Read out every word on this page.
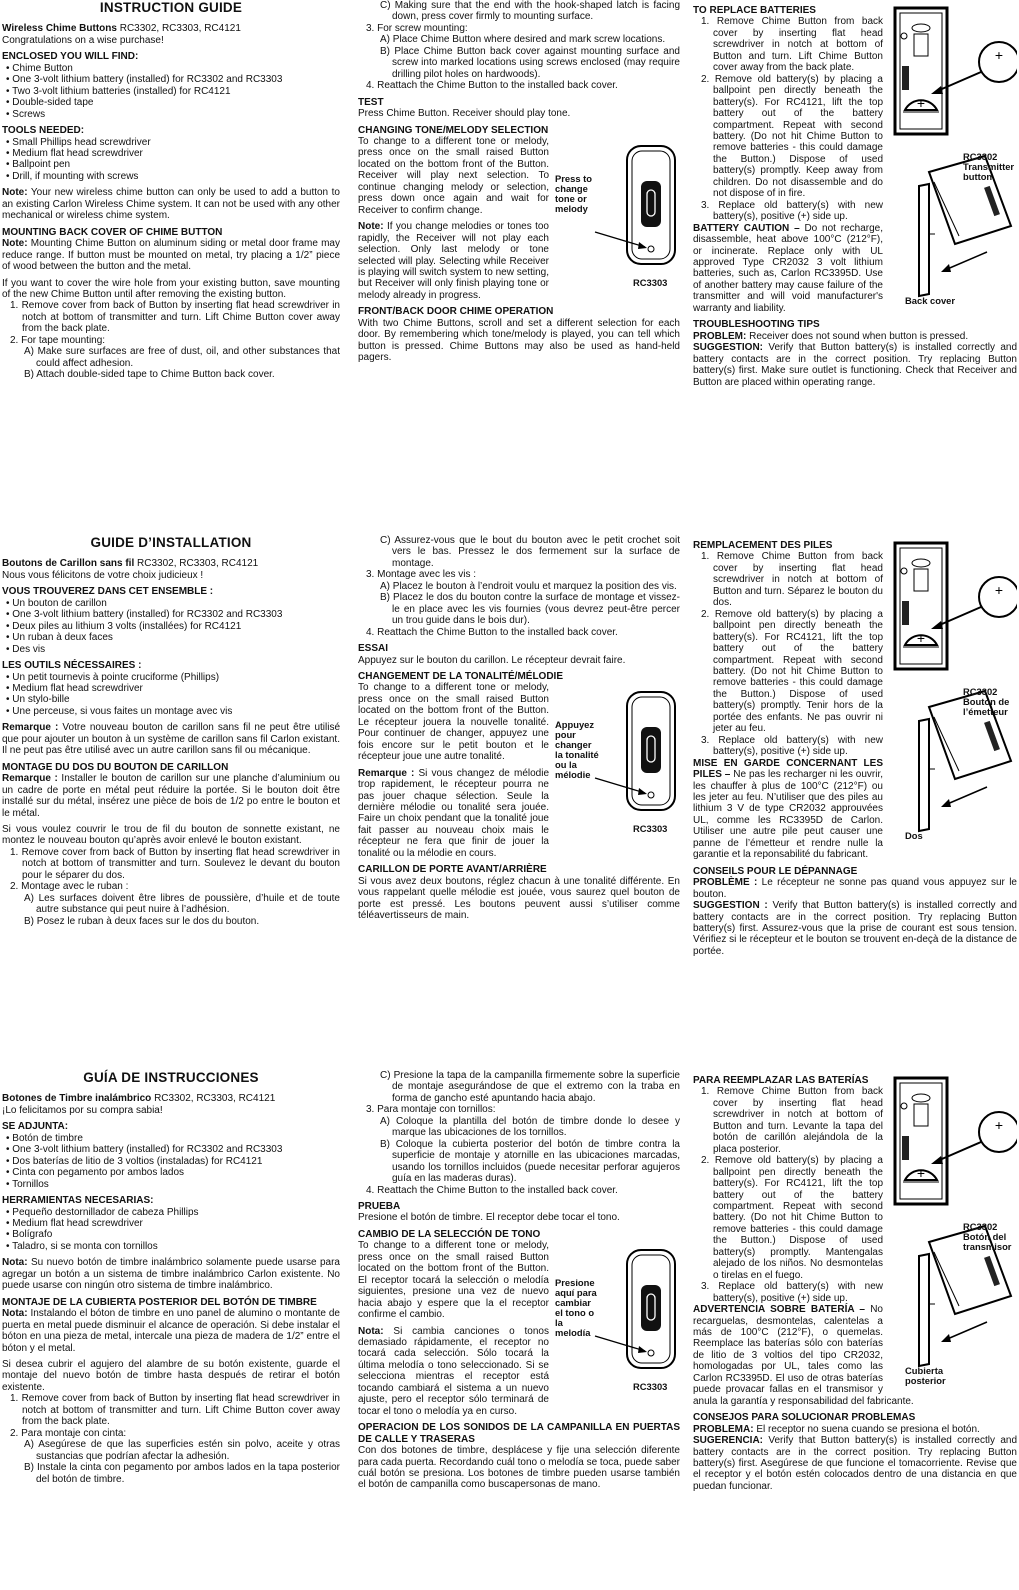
INSTRUCTION GUIDE
Wireless Chime Buttons RC3302, RC3303, RC4121
Congratulations on a wise purchase!
ENCLOSED YOU WILL FIND:
• Chime Button
• One 3-volt lithium battery (installed) for RC3302 and RC3303
• Two 3-volt lithium batteries (installed) for RC4121
• Double-sided tape
• Screws
TOOLS NEEDED:
• Small Phillips head screwdriver
• Medium flat head screwdriver
• Ballpoint pen
• Drill, if mounting with screws
Note: Your new wireless chime button can only be used to add a button to an existing Carlon Wireless Chime system. It can not be used with any other mechanical or wireless chime system.
MOUNTING BACK COVER OF CHIME BUTTON
Note: Mounting Chime Button on aluminum siding or metal door frame may reduce range. If button must be mounted on metal, try placing a 1/2” piece of wood between the button and the metal.
If you want to cover the wire hole from your existing button, save mounting of the new Chime Button until after removing the existing button.
1. Remove cover from back of Button by inserting flat head screwdriver in notch at bottom of transmitter and turn. Lift Chime Button cover away from the back plate.
2. For tape mounting:
A) Make sure surfaces are free of dust, oil, and other substances that could affect adhesion.
B) Attach double-sided tape to Chime Button back cover.
C) Making sure that the end with the hook-shaped latch is facing down, press cover firmly to mounting surface.
3. For screw mounting:
A) Place Chime Button where desired and mark screw locations.
B) Place Chime Button back cover against mounting surface and screw into marked locations using screws enclosed (may require drilling pilot holes on hardwoods).
4. Reattach the Chime Button to the installed back cover.
TEST
Press Chime Button. Receiver should play tone.
CHANGING TONE/MELODY SELECTION
Press to change tone or melody
RC3303
To change to a different tone or melody, press once on the small raised Button located on the bottom front of the Button. Receiver will play next selection. To continue changing melody or selection, press down once again and wait for Receiver to confirm change.
Note: If you change melodies or tones too rapidly, the Receiver will not play each selection. Only last melody or tone selected will play. Selecting while Receiver is playing will switch system to new setting, but Receiver will only finish playing tone or melody already in progress.
FRONT/BACK DOOR CHIME OPERATION
With two Chime Buttons, scroll and set a different selection for each door. By remembering which tone/melody is played, you can tell which button is pressed. Chime Buttons may also be used as hand-held pagers.
TO REPLACE BATTERIES
+
+
RC3302 Transmitter button
Back cover
1. Remove Chime Button from back cover by inserting flat head screwdriver in notch at bottom of Button and turn. Lift Chime Button cover away from the back plate.
2. Remove old battery(s) by placing a ballpoint pen directly beneath the battery(s). For RC4121, lift the top battery out of the battery compartment. Repeat with second battery. (Do not hit Chime Button to remove batteries - this could damage the Button.) Dispose of used battery(s) promptly. Keep away from children. Do not disassemble and do not dispose of in fire.
3. Replace old battery(s) with new battery(s), positive (+) side up.
BATTERY CAUTION – Do not recharge, disassemble, heat above 100°C (212°F), or incinerate. Replace only with UL approved Type CR2032 3 volt lithium batteries, such as, Carlon RC3395D. Use of another battery may cause failure of the transmitter and will void manufacturer's warranty and liability.
TROUBLESHOOTING TIPS
PROBLEM: Receiver does not sound when button is pressed.
SUGGESTION: Verify that Button battery(s) is installed correctly and battery contacts are in the correct position. Try replacing Button battery(s) first. Make sure outlet is functioning. Check that Receiver and Button are placed within operating range.
GUIDE D’INSTALLATION
Boutons de Carillon sans fil RC3302, RC3303, RC4121
Nous vous félicitons de votre choix judicieux !
VOUS TROUVEREZ DANS CET ENSEMBLE :
• Un bouton de carillon
• One 3-volt lithium battery (installed) for RC3302 and RC3303
• Deux piles au lithium 3 volts (installées) for RC4121
• Un ruban à deux faces
• Des vis
LES OUTILS NÉCESSAIRES :
• Un petit tournevis à pointe cruciforme (Phillips)
• Medium flat head screwdriver
• Un stylo-bille
• Une perceuse, si vous faites un montage avec vis
Remarque : Votre nouveau bouton de carillon sans fil ne peut être utilisé que pour ajouter un bouton à un système de carillon sans fil Carlon existant. Il ne peut pas être utilisé avec un autre carillon sans fil ou mécanique.
MONTAGE DU DOS DU BOUTON DE CARILLON
Remarque : Installer le bouton de carillon sur une planche d’aluminium ou un cadre de porte en métal peut réduire la portée. Si le bouton doit être installé sur du métal, insérez une pièce de bois de 1/2 po entre le bouton et le métal.
Si vous voulez couvrir le trou de fil du bouton de sonnette existant, ne montez le nouveau bouton qu’après avoir enlevé le bouton existant.
1. Remove cover from back of Button by inserting flat head screwdriver in notch at bottom of transmitter and turn. Soulevez le devant du bouton pour le séparer du dos.
2. Montage avec le ruban :
A) Les surfaces doivent être libres de poussière, d’huile et de toute autre substance qui peut nuire à l’adhésion.
B) Posez le ruban à deux faces sur le dos du bouton.
C) Assurez-vous que le bout du bouton avec le petit crochet soit vers le bas. Pressez le dos fermement sur la surface de montage.
3. Montage avec les vis :
A) Placez le bouton à l’endroit voulu et marquez la position des vis.
B) Placez le dos du bouton contre la surface de montage et vissez-le en place avec les vis fournies (vous devrez peut-être percer un trou guide dans le bois dur).
4. Reattach the Chime Button to the installed back cover.
ESSAI
Appuyez sur le bouton du carillon. Le récepteur devrait faire.
CHANGEMENT DE LA TONALITÉ/MÉLODIE
Appuyez pour changer la tonalité ou la mélodie
RC3303
To change to a different tone or melody, press once on the small raised Button located on the bottom front of the Button. Le récepteur jouera la nouvelle tonalité. Pour continuer de changer, appuyez une fois encore sur le petit bouton et le récepteur joue une autre tonalité.
Remarque : Si vous changez de mélodie trop rapidement, le récepteur pourra ne pas jouer chaque sélection. Seule la dernière mélodie ou tonalité sera jouée. Faire un choix pendant que la tonalité joue fait passer au nouveau choix mais le récepteur ne fera que finir de jouer la tonalité ou la mélodie en cours.
CARILLON DE PORTE AVANT/ARRIÈRE
Si vous avez deux boutons, réglez chacun à une tonalité différente. En vous rappelant quelle mélodie est jouée, vous saurez quel bouton de porte est pressé. Les boutons peuvent aussi s’utiliser comme téléavertisseurs de main.
REMPLACEMENT DES PILES
+
+
RC3302 Bouton de l’émetteur
Dos
1. Remove Chime Button from back cover by inserting flat head screwdriver in notch at bottom of Button and turn. Séparez le bouton du dos.
2. Remove old battery(s) by placing a ballpoint pen directly beneath the battery(s). For RC4121, lift the top battery out of the battery compartment. Repeat with second battery. (Do not hit Chime Button to remove batteries - this could damage the Button.) Dispose of used battery(s) promptly. Tenir hors de la portée des enfants. Ne pas ouvrir ni jeter au feu.
3. Replace old battery(s) with new battery(s), positive (+) side up.
MISE EN GARDE CONCERNANT LES PILES – Ne pas les recharger ni les ouvrir, les chauffer à plus de 100°C (212°F) ou les jeter au feu. N’utiliser que des piles au lithium 3 V de type CR2032 approuvées UL, comme les RC3395D de Carlon. Utiliser une autre pile peut causer une panne de l’émetteur et rendre nulle la garantie et la reponsabilité du fabricant.
CONSEILS POUR LE DÉPANNAGE
PROBLÈME : Le récepteur ne sonne pas quand vous appuyez sur le bouton.
SUGGESTION : Verify that Button battery(s) is installed correctly and battery contacts are in the correct position. Try replacing Button battery(s) first. Assurez-vous que la prise de courant est sous tension. Vérifiez si le récepteur et le bouton se trouvent en-deçà de la distance de portée.
GUÍA DE INSTRUCCIONES
Botones de Timbre inalámbrico RC3302, RC3303, RC4121
¡Lo felicitamos por su compra sabia!
SE ADJUNTA:
• Botón de timbre
• One 3-volt lithium battery (installed) for RC3302 and RC3303
• Dos baterías de litio de 3 voltios (instaladas) for RC4121
• Cinta con pegamento por ambos lados
• Tornillos
HERRAMIENTAS NECESARIAS:
• Pequeño destornillador de cabeza Phillips
• Medium flat head screwdriver
• Bolígrafo
• Taladro, si se monta con tornillos
Nota: Su nuevo botón de timbre inalámbrico solamente puede usarse para agregar un botón a un sistema de timbre inalámbrico Carlon existente. No puede usarse con ningún otro sistema de timbre inalámbrico.
MONTAJE DE LA CUBIERTA POSTERIOR DEL BOTÓN DE TIMBRE
Nota: Instalando el bóton de timbre en uno panel de alumino o montante de puerta en metal puede disminuir el alcance de operación. Si debe instalar el bóton en una pieza de metal, intercale una pieza de madera de 1/2” entre el bóton y el metal.
Si desea cubrir el agujero del alambre de su botón existente, guarde el montaje del nuevo botón de timbre hasta después de retirar el botón existente.
1. Remove cover from back of Button by inserting flat head screwdriver in notch at bottom of transmitter and turn. Lift Chime Button cover away from the back plate.
2. Para montaje con cinta:
A) Asegúrese de que las superficies estén sin polvo, aceite y otras sustancias que podrían afectar la adhesión.
B) Instale la cinta con pegamento por ambos lados en la tapa posterior del botón de timbre.
C) Presione la tapa de la campanilla firmemente sobre la superficie de montaje asegurándose de que el extremo con la traba en forma de gancho esté apuntando hacia abajo.
3. Para montaje con tornillos:
A) Coloque la plantilla del botón de timbre donde lo desee y marque las ubicaciones de los tornillos.
B) Coloque la cubierta posterior del botón de timbre contra la superficie de montaje y atornille en las ubicaciones marcadas, usando los tornillos incluidos (puede necesitar perforar agujeros guía en las maderas duras).
4. Reattach the Chime Button to the installed back cover.
PRUEBA
Presione el botón de timbre. El receptor debe tocar el tono.
CAMBIO DE LA SELECCIÓN DE TONO
Presione aquí para cambiar el tono o la melodía
RC3303
To change to a different tone or melody, press once on the small raised Button located on the bottom front of the Button. El receptor tocará la selección o melodía siguientes, presione una vez de nuevo hacia abajo y espere que la el receptor confirme el cambio.
Nota: Si cambia canciones o tonos demasiado rápidamente, el receptor no tocará cada selección. Sólo tocará la última melodía o tono seleccionado. Si se selecciona mientras el receptor está tocando cambiará el sistema a un nuevo ajuste, pero el receptor sólo terminará de tocar el tono o melodía ya en curso.
OPERACION DE LOS SONIDOS DE LA CAMPANILLA EN PUERTAS DE CALLE Y TRASERAS
Con dos botones de timbre, desplácese y fije una selección diferente para cada puerta. Recordando cuál tono o melodía se toca, puede saber cuál botón se presiona. Los botones de timbre pueden usarse también el botón de campanilla como buscapersonas de mano.
PARA REEMPLAZAR LAS BATERÍAS
+
+
RC3302 Botón del transmisor
Cubierta posterior
1. Remove Chime Button from back cover by inserting flat head screwdriver in notch at bottom of Button and turn. Levante la tapa del botón de carillón alejándola de la placa posterior.
2. Remove old battery(s) by placing a ballpoint pen directly beneath the battery(s). For RC4121, lift the top battery out of the battery compartment. Repeat with second battery. (Do not hit Chime Button to remove batteries - this could damage the Button.) Dispose of used battery(s) promptly. Mantengalas alejado de los niños. No desmontelas o tirelas en el fuego.
3. Replace old battery(s) with new battery(s), positive (+) side up.
ADVERTENCIA SOBRE BATERÍA – No recarguelas, desmontelas, calentelas a más de 100°C (212°F), o quemelas. Reemplace las baterías sólo con baterías de litio de 3 voltios del tipo CR2032, homologadas por UL, tales como las Carlon RC3395D. El uso de otras baterías puede provacar fallas en el transmisor y anula la garantía y responsabilidad del fabricante.
CONSEJOS PARA SOLUCIONAR PROBLEMAS
PROBLEMA: El receptor no suena cuando se presiona el botón.
SUGERENCIA: Verify that Button battery(s) is installed correctly and battery contacts are in the correct position. Try replacing Button battery(s) first. Asegúrese de que funcione el tomacorriente. Revise que el receptor y el botón estén colocados dentro de una distancia en que puedan funcionar.
